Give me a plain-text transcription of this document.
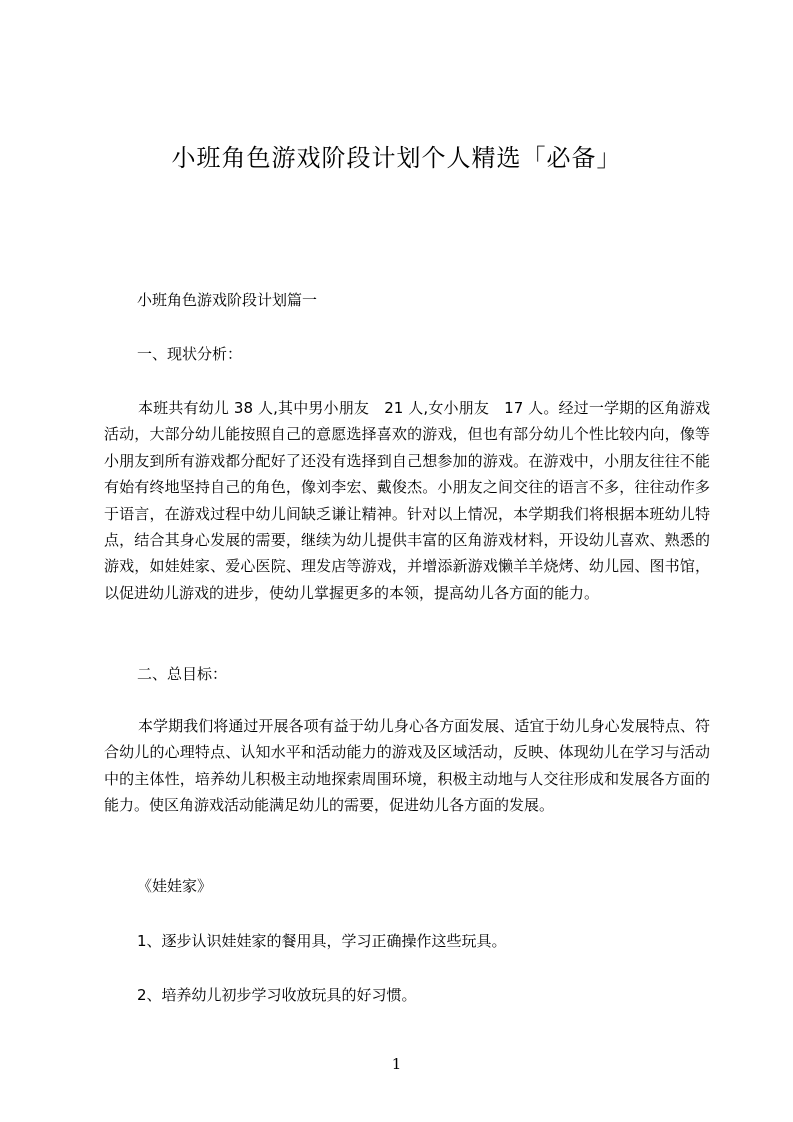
小班角色游戏阶段计划个人精选「必备」
小班角色游戏阶段计划篇一
一、现状分析：
本班共有幼儿 38 人,其中男小朋友　21 人,女小朋友　17 人。经过一学期的区角游戏活动，大部分幼儿能按照自己的意愿选择喜欢的游戏，但也有部分幼儿个性比较内向，像等小朋友到所有游戏都分配好了还没有选择到自己想参加的游戏。在游戏中，小朋友往往不能有始有终地坚持自己的角色，像刘李宏、戴俊杰。小朋友之间交往的语言不多，往往动作多于语言，在游戏过程中幼儿间缺乏谦让精神。针对以上情况，本学期我们将根据本班幼儿特点，结合其身心发展的需要，继续为幼儿提供丰富的区角游戏材料，开设幼儿喜欢、熟悉的游戏，如娃娃家、爱心医院、理发店等游戏，并增添新游戏懒羊羊烧烤、幼儿园、图书馆，以促进幼儿游戏的进步，使幼儿掌握更多的本领，提高幼儿各方面的能力。
二、总目标：
本学期我们将通过开展各项有益于幼儿身心各方面发展、适宜于幼儿身心发展特点、符合幼儿的心理特点、认知水平和活动能力的游戏及区域活动，反映、体现幼儿在学习与活动中的主体性，培养幼儿积极主动地探索周围环境，积极主动地与人交往形成和发展各方面的能力。使区角游戏活动能满足幼儿的需要，促进幼儿各方面的发展。
《娃娃家》
1、逐步认识娃娃家的餐用具，学习正确操作这些玩具。
2、培养幼儿初步学习收放玩具的好习惯。
1
